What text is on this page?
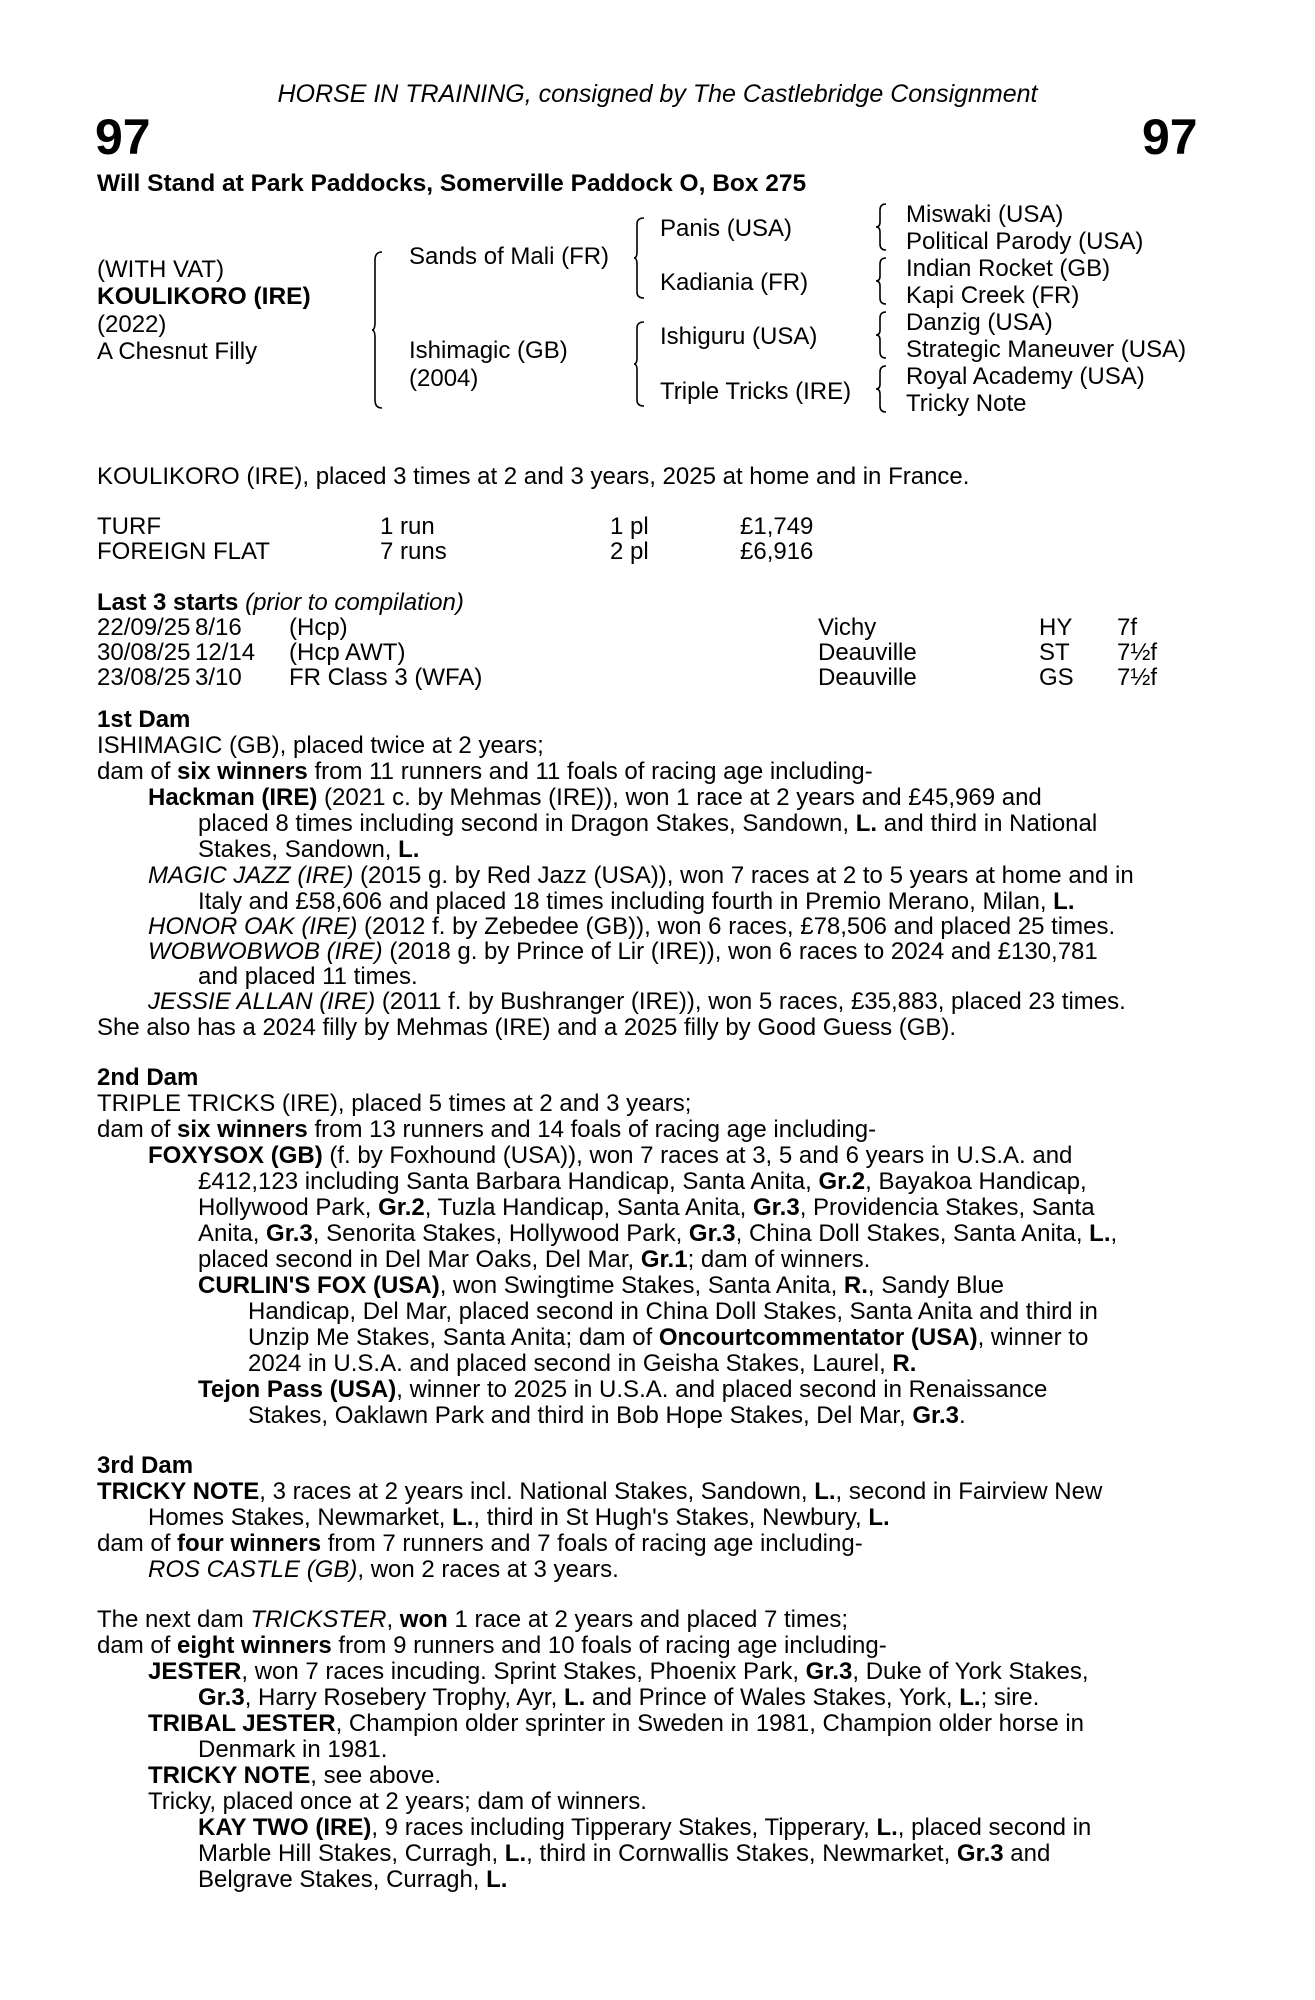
HORSE IN TRAINING, consigned by The Castlebridge Consignment
97	97
Will Stand at Park Paddocks, Somerville Paddock O, Box 275
(WITH VAT)
KOULIKORO (IRE)
(2022)
A Chesnut Filly
Sands of Mali (FR)
Ishimagic (GB)
(2004)
Panis (USA)
Kadiania (FR)
Ishiguru (USA)
Triple Tricks (IRE)
Miswaki (USA)
Political Parody (USA)
Indian Rocket (GB)
Kapi Creek (FR)
Danzig (USA)
Strategic Maneuver (USA)
Royal Academy (USA)
Tricky Note
KOULIKORO (IRE), placed 3 times at 2 and 3 years, 2025 at home and in France.
TURF	1 run	1 pl	£1,749
FOREIGN FLAT	7 runs	2 pl	£6,916
Last 3 starts (prior to compilation)
22/09/25 8/16 (Hcp)	Vichy	HY 7f
30/08/25 12/14 (Hcp AWT)	Deauville	ST 7½f
23/08/25 3/10 FR Class 3 (WFA)	Deauville	GS 7½f
1st Dam
ISHIMAGIC (GB), placed twice at 2 years;
dam of six winners from 11 runners and 11 foals of racing age including-
Hackman (IRE) (2021 c. by Mehmas (IRE)), won 1 race at 2 years and £45,969 and
placed 8 times including second in Dragon Stakes, Sandown, L. and third in National
Stakes, Sandown, L.
MAGIC JAZZ (IRE) (2015 g. by Red Jazz (USA)), won 7 races at 2 to 5 years at home and in
Italy and £58,606 and placed 18 times including fourth in Premio Merano, Milan, L.
HONOR OAK (IRE) (2012 f. by Zebedee (GB)), won 6 races, £78,506 and placed 25 times.
WOBWOBWOB (IRE) (2018 g. by Prince of Lir (IRE)), won 6 races to 2024 and £130,781
and placed 11 times.
JESSIE ALLAN (IRE) (2011 f. by Bushranger (IRE)), won 5 races, £35,883, placed 23 times.
She also has a 2024 filly by Mehmas (IRE) and a 2025 filly by Good Guess (GB).
2nd Dam
TRIPLE TRICKS (IRE), placed 5 times at 2 and 3 years;
dam of six winners from 13 runners and 14 foals of racing age including-
FOXYSOX (GB) (f. by Foxhound (USA)), won 7 races at 3, 5 and 6 years in U.S.A. and
£412,123 including Santa Barbara Handicap, Santa Anita, Gr.2, Bayakoa Handicap,
Hollywood Park, Gr.2, Tuzla Handicap, Santa Anita, Gr.3, Providencia Stakes, Santa
Anita, Gr.3, Senorita Stakes, Hollywood Park, Gr.3, China Doll Stakes, Santa Anita, L.,
placed second in Del Mar Oaks, Del Mar, Gr.1; dam of winners.
CURLIN'S FOX (USA), won Swingtime Stakes, Santa Anita, R., Sandy Blue
Handicap, Del Mar, placed second in China Doll Stakes, Santa Anita and third in
Unzip Me Stakes, Santa Anita; dam of Oncourtcommentator (USA), winner to
2024 in U.S.A. and placed second in Geisha Stakes, Laurel, R.
Tejon Pass (USA), winner to 2025 in U.S.A. and placed second in Renaissance
Stakes, Oaklawn Park and third in Bob Hope Stakes, Del Mar, Gr.3.
3rd Dam
TRICKY NOTE, 3 races at 2 years incl. National Stakes, Sandown, L., second in Fairview New
Homes Stakes, Newmarket, L., third in St Hugh's Stakes, Newbury, L.
dam of four winners from 7 runners and 7 foals of racing age including-
ROS CASTLE (GB), won 2 races at 3 years.
The next dam TRICKSTER, won 1 race at 2 years and placed 7 times;
dam of eight winners from 9 runners and 10 foals of racing age including-
JESTER, won 7 races incuding. Sprint Stakes, Phoenix Park, Gr.3, Duke of York Stakes,
Gr.3, Harry Rosebery Trophy, Ayr, L. and Prince of Wales Stakes, York, L.; sire.
TRIBAL JESTER, Champion older sprinter in Sweden in 1981, Champion older horse in
Denmark in 1981.
TRICKY NOTE, see above.
Tricky, placed once at 2 years; dam of winners.
KAY TWO (IRE), 9 races including Tipperary Stakes, Tipperary, L., placed second in
Marble Hill Stakes, Curragh, L., third in Cornwallis Stakes, Newmarket, Gr.3 and
Belgrave Stakes, Curragh, L.
